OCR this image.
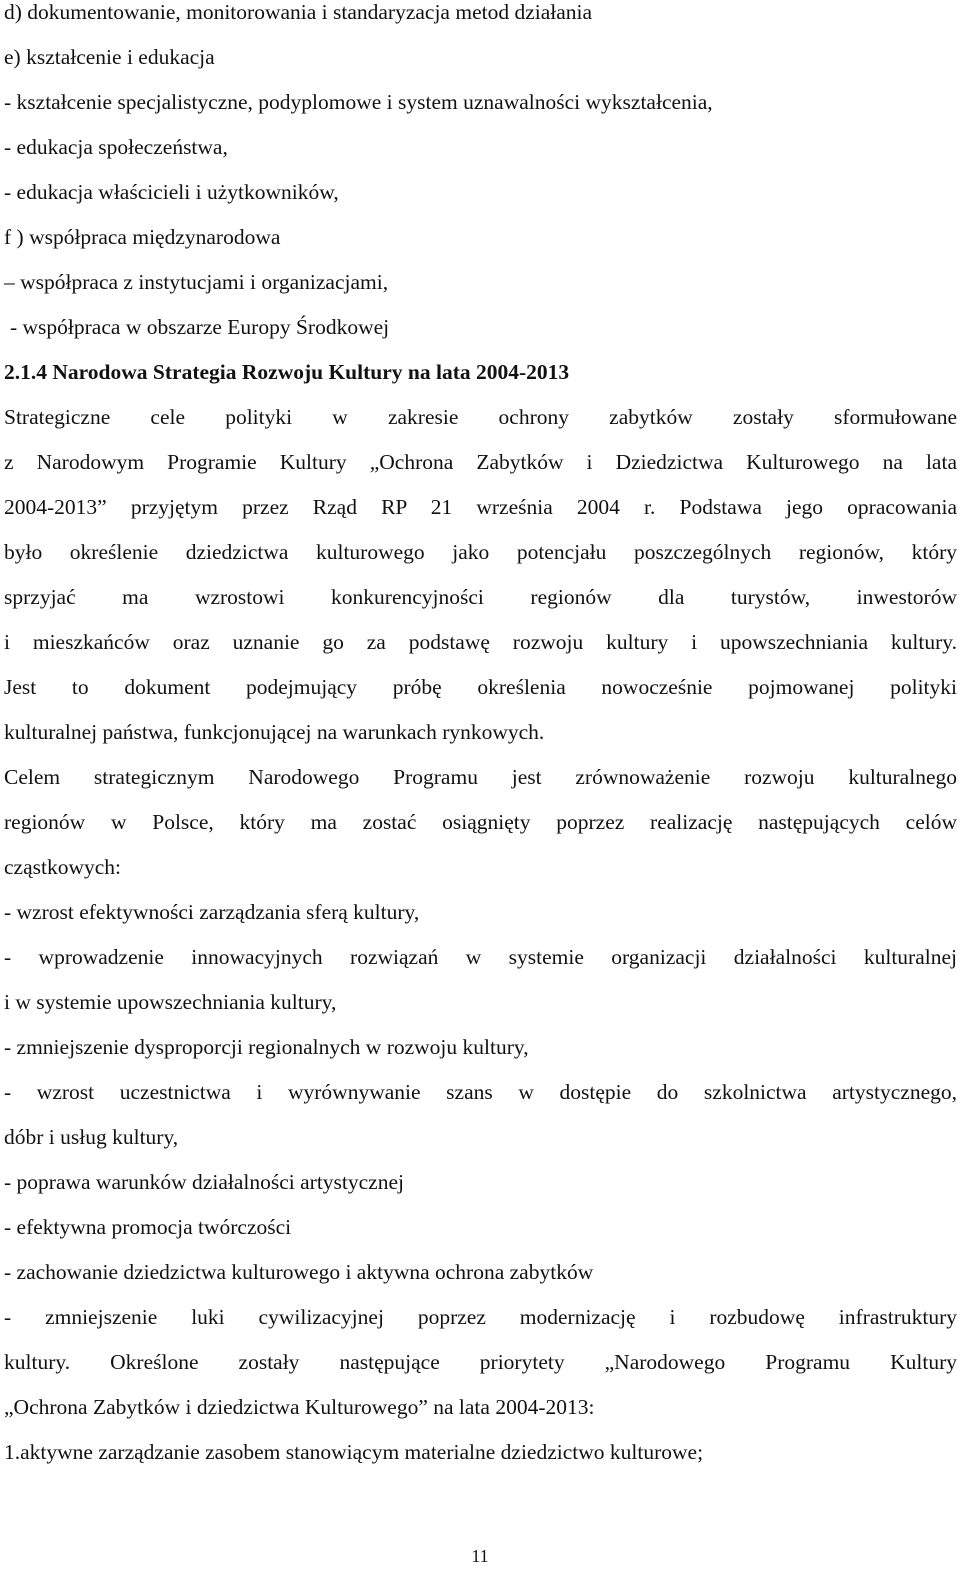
d) dokumentowanie, monitorowania i standaryzacja metod działania
e) kształcenie i edukacja
- kształcenie specjalistyczne, podyplomowe i system uznawalności wykształcenia,
- edukacja społeczeństwa,
- edukacja właścicieli i użytkowników,
f ) współpraca międzynarodowa
– współpraca z instytucjami i organizacjami,
- współpraca w obszarze Europy Środkowej
2.1.4 Narodowa Strategia Rozwoju Kultury na lata 2004-2013
Strategiczne cele polityki w zakresie ochrony zabytków zostały sformułowane
z Narodowym Programie Kultury „Ochrona Zabytków i Dziedzictwa Kulturowego na lata
2004-2013” przyjętym przez Rząd RP 21 września 2004 r. Podstawa jego opracowania
było określenie dziedzictwa kulturowego jako potencjału poszczególnych regionów, który
sprzyjać ma wzrostowi konkurencyjności regionów dla turystów, inwestorów
i mieszkańców oraz uznanie go za podstawę rozwoju kultury i upowszechniania kultury.
Jest to dokument podejmujący próbę określenia nowocześnie pojmowanej polityki
kulturalnej państwa, funkcjonującej na warunkach rynkowych.
Celem strategicznym Narodowego Programu jest zrównoważenie rozwoju kulturalnego
regionów w Polsce, który ma zostać osiągnięty poprzez realizację następujących celów
cząstkowych:
- wzrost efektywności zarządzania sferą kultury,
- wprowadzenie innowacyjnych rozwiązań w systemie organizacji działalności kulturalnej
i w systemie upowszechniania kultury,
- zmniejszenie dysproporcji regionalnych w rozwoju kultury,
- wzrost uczestnictwa i wyrównywanie szans w dostępie do szkolnictwa artystycznego,
dóbr i usług kultury,
- poprawa warunków działalności artystycznej
- efektywna promocja twórczości
- zachowanie dziedzictwa kulturowego i aktywna ochrona zabytków
- zmniejszenie luki cywilizacyjnej poprzez modernizację i rozbudowę infrastruktury
kultury. Określone zostały następujące priorytety „Narodowego Programu Kultury
„Ochrona Zabytków i dziedzictwa Kulturowego” na lata 2004-2013:
1.aktywne zarządzanie zasobem stanowiącym materialne dziedzictwo kulturowe;
11
